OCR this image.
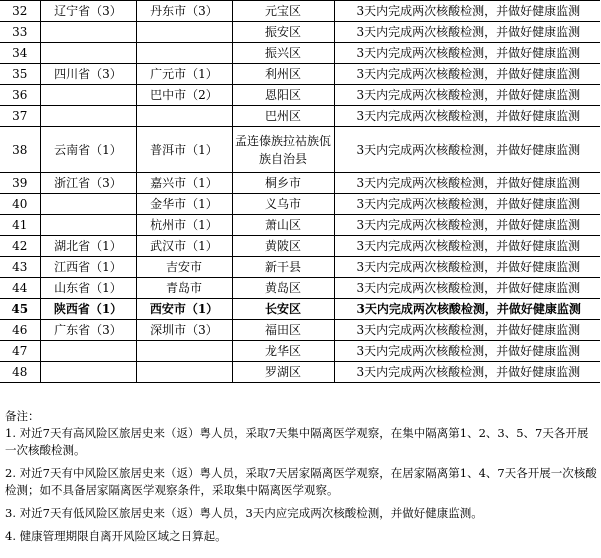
32	辽宁省（3）	丹东市（3）	元宝区	3天内完成两次核酸检测，并做好健康监测
33			振安区	3天内完成两次核酸检测，并做好健康监测
34			振兴区	3天内完成两次核酸检测，并做好健康监测
35	四川省（3）	广元市（1）	利州区	3天内完成两次核酸检测，并做好健康监测
36		巴中市（2）	恩阳区	3天内完成两次核酸检测，并做好健康监测
37			巴州区	3天内完成两次核酸检测，并做好健康监测
38	云南省（1）	普洱市（1）	孟连傣族拉祜族佤族自治县	3天内完成两次核酸检测，并做好健康监测
39	浙江省（3）	嘉兴市（1）	桐乡市	3天内完成两次核酸检测，并做好健康监测
40		金华市（1）	义乌市	3天内完成两次核酸检测，并做好健康监测
41		杭州市（1）	萧山区	3天内完成两次核酸检测，并做好健康监测
42	湖北省（1）	武汉市（1）	黄陂区	3天内完成两次核酸检测，并做好健康监测
43	江西省（1）	吉安市	新干县	3天内完成两次核酸检测，并做好健康监测
44	山东省（1）	青岛市	黄岛区	3天内完成两次核酸检测，并做好健康监测
45	陕西省（1）	西安市（1）	长安区	3天内完成两次核酸检测，并做好健康监测
46	广东省（3）	深圳市（3）	福田区	3天内完成两次核酸检测，并做好健康监测
47			龙华区	3天内完成两次核酸检测，并做好健康监测
48			罗湖区	3天内完成两次核酸检测，并做好健康监测
备注：
1. 对近7天有高风险区旅居史来（返）粤人员，采取7天集中隔离医学观察，在集中隔离第1、2、3、5、7天各开展一次核酸检测。
2. 对近7天有中风险区旅居史来（返）粤人员，采取7天居家隔离医学观察，在居家隔离第1、4、7天各开展一次核酸检测；如不具备居家隔离医学观察条件，采取集中隔离医学观察。
3. 对近7天有低风险区旅居史来（返）粤人员，3天内应完成两次核酸检测，并做好健康监测。
4. 健康管理期限自离开风险区域之日算起。
